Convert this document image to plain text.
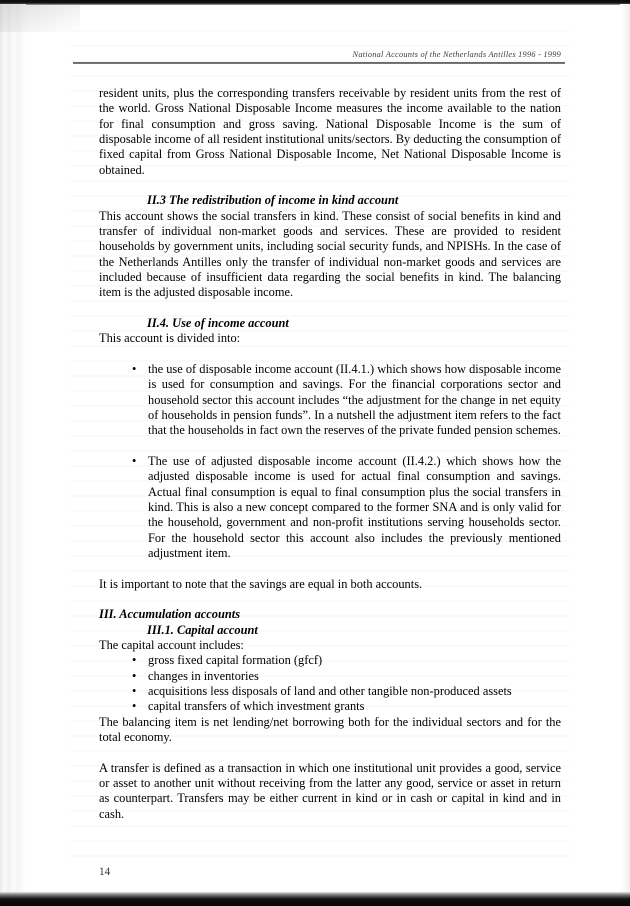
National Accounts of the Netherlands Antilles 1996 - 1999

resident units, plus the corresponding transfers receivable by resident units from the rest of the world. Gross National Disposable Income measures the income available to the nation for final consumption and gross saving. National Disposable Income is the sum of disposable income of all resident institutional units/sectors. By deducting the consumption of fixed capital from Gross National Disposable Income, Net National Disposable Income is obtained.

II.3 The redistribution of income in kind account

This account shows the social transfers in kind. These consist of social benefits in kind and transfer of individual non-market goods and services. These are provided to resident households by government units, including social security funds, and NPISHs. In the case of the Netherlands Antilles only the transfer of individual non-market goods and services are included because of insufficient data regarding the social benefits in kind. The balancing item is the adjusted disposable income.

II.4. Use of income account

This account is divided into:

• the use of disposable income account (II.4.1.) which shows how disposable income is used for consumption and savings. For the financial corporations sector and household sector this account includes “the adjustment for the change in net equity of households in pension funds”. In a nutshell the adjustment item refers to the fact that the households in fact own the reserves of the private funded pension schemes.
• The use of adjusted disposable income account (II.4.2.) which shows how the adjusted disposable income is used for actual final consumption and savings. Actual final consumption is equal to final consumption plus the social transfers in kind. This is also a new concept compared to the former SNA and is only valid for the household, government and non-profit institutions serving households sector. For the household sector this account also includes the previously mentioned adjustment item.

It is important to note that the savings are equal in both accounts.

III. Accumulation accounts
III.1. Capital account

The capital account includes:

• gross fixed capital formation (gfcf)
• changes in inventories
• acquisitions less disposals of land and other tangible non-produced assets
• capital transfers of which investment grants

The balancing item is net lending/net borrowing both for the individual sectors and for the total economy.

A transfer is defined as a transaction in which one institutional unit provides a good, service or asset to another unit without receiving from the latter any good, service or asset in return as counterpart. Transfers may be either current in kind or in cash or capital in kind and in cash.

14
